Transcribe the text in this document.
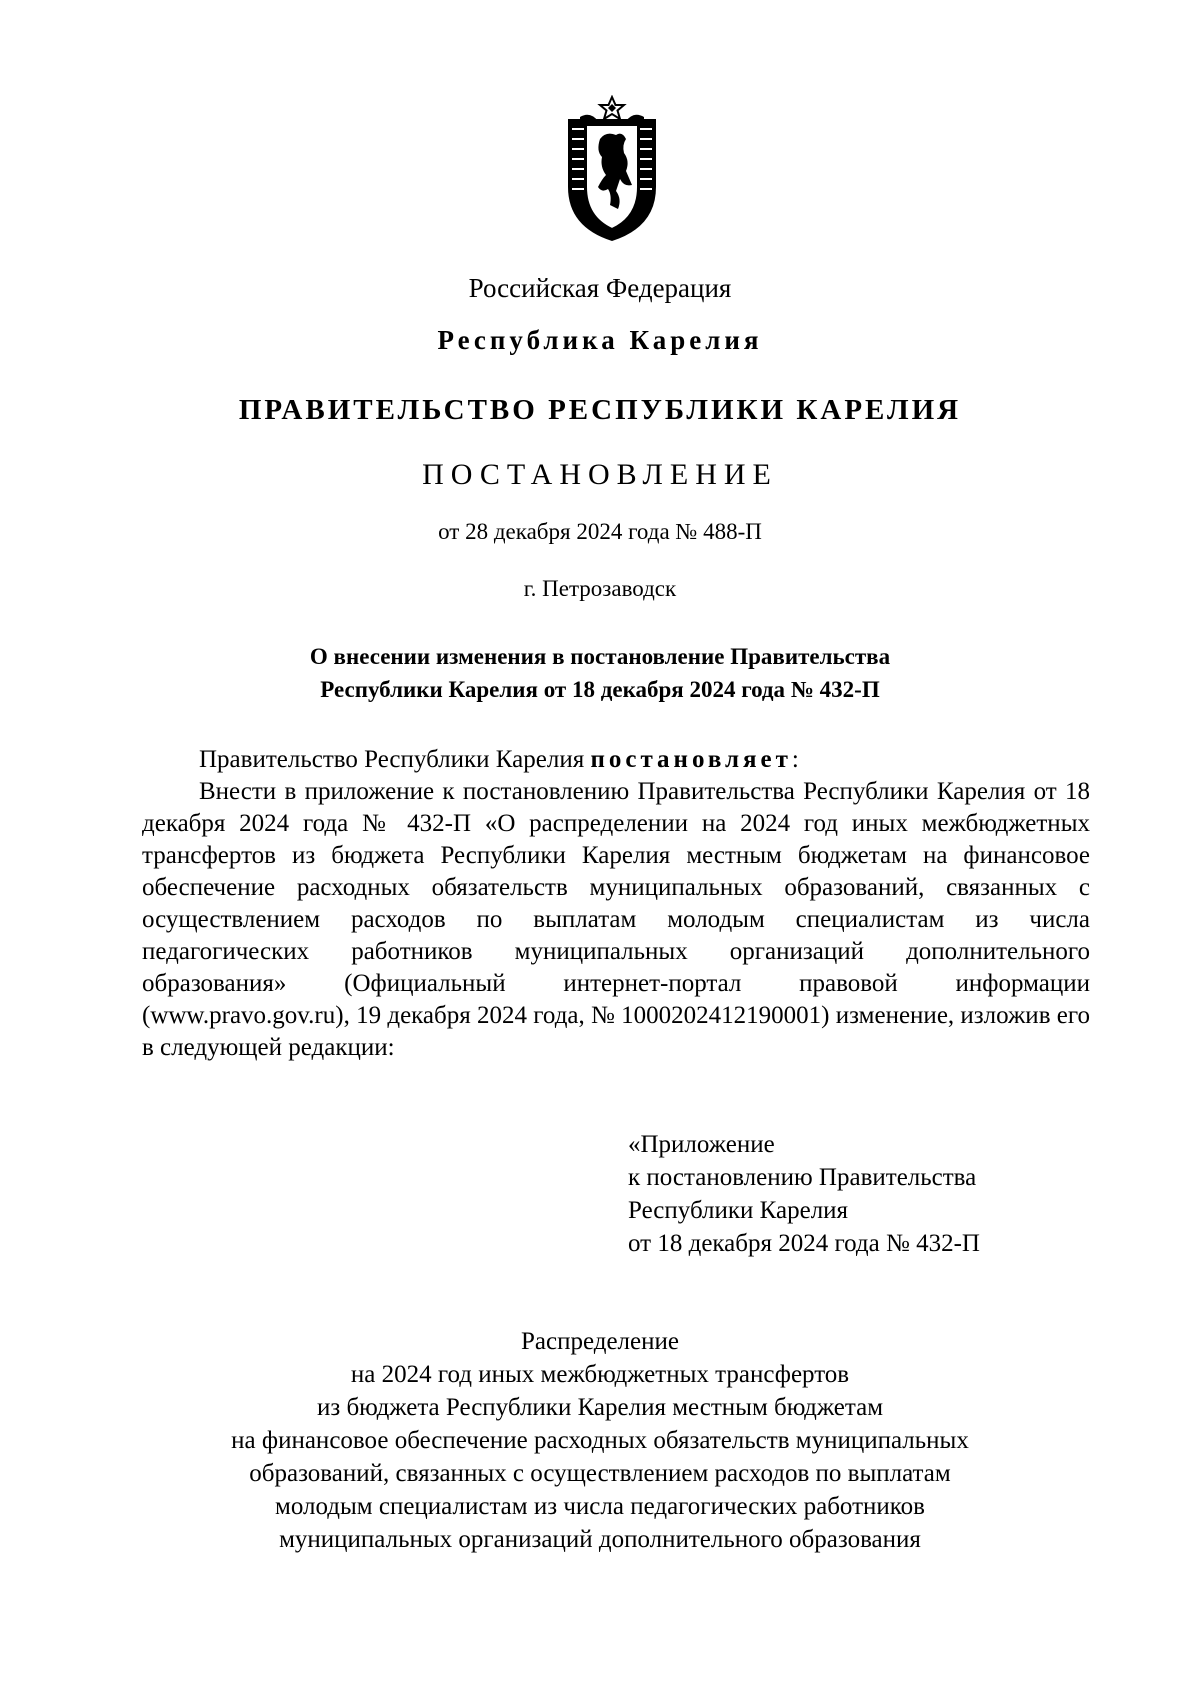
Российская Федерация
Республика Карелия
ПРАВИТЕЛЬСТВО РЕСПУБЛИКИ КАРЕЛИЯ
ПОСТАНОВЛЕНИЕ
от 28 декабря 2024 года № 488-П
г. Петрозаводск
О внесении изменения в постановление Правительства
Республики Карелия от 18 декабря 2024 года № 432-П
Правительство Республики Карелия постановляет:
Внести в приложение к постановлению Правительства Республики Карелия от 18 декабря 2024 года № 432-П «О распределении на 2024 год иных межбюджетных трансфертов из бюджета Республики Карелия местным бюджетам на финансовое обеспечение расходных обязательств муниципальных образований, связанных с осуществлением расходов по выплатам молодым специалистам из числа педагогических работников муниципальных организаций дополнительного образования» (Официальный интернет-портал правовой информации (www.pravo.gov.ru), 19 декабря 2024 года, № 1000202412190001) изменение, изложив его в следующей редакции:
«Приложение
к постановлению Правительства
Республики Карелия
от 18 декабря 2024 года № 432-П
Распределение
на 2024 год иных межбюджетных трансфертов
из бюджета Республики Карелия местным бюджетам
на финансовое обеспечение расходных обязательств муниципальных
образований, связанных с осуществлением расходов по выплатам
молодым специалистам из числа педагогических работников
муниципальных организаций дополнительного образования
